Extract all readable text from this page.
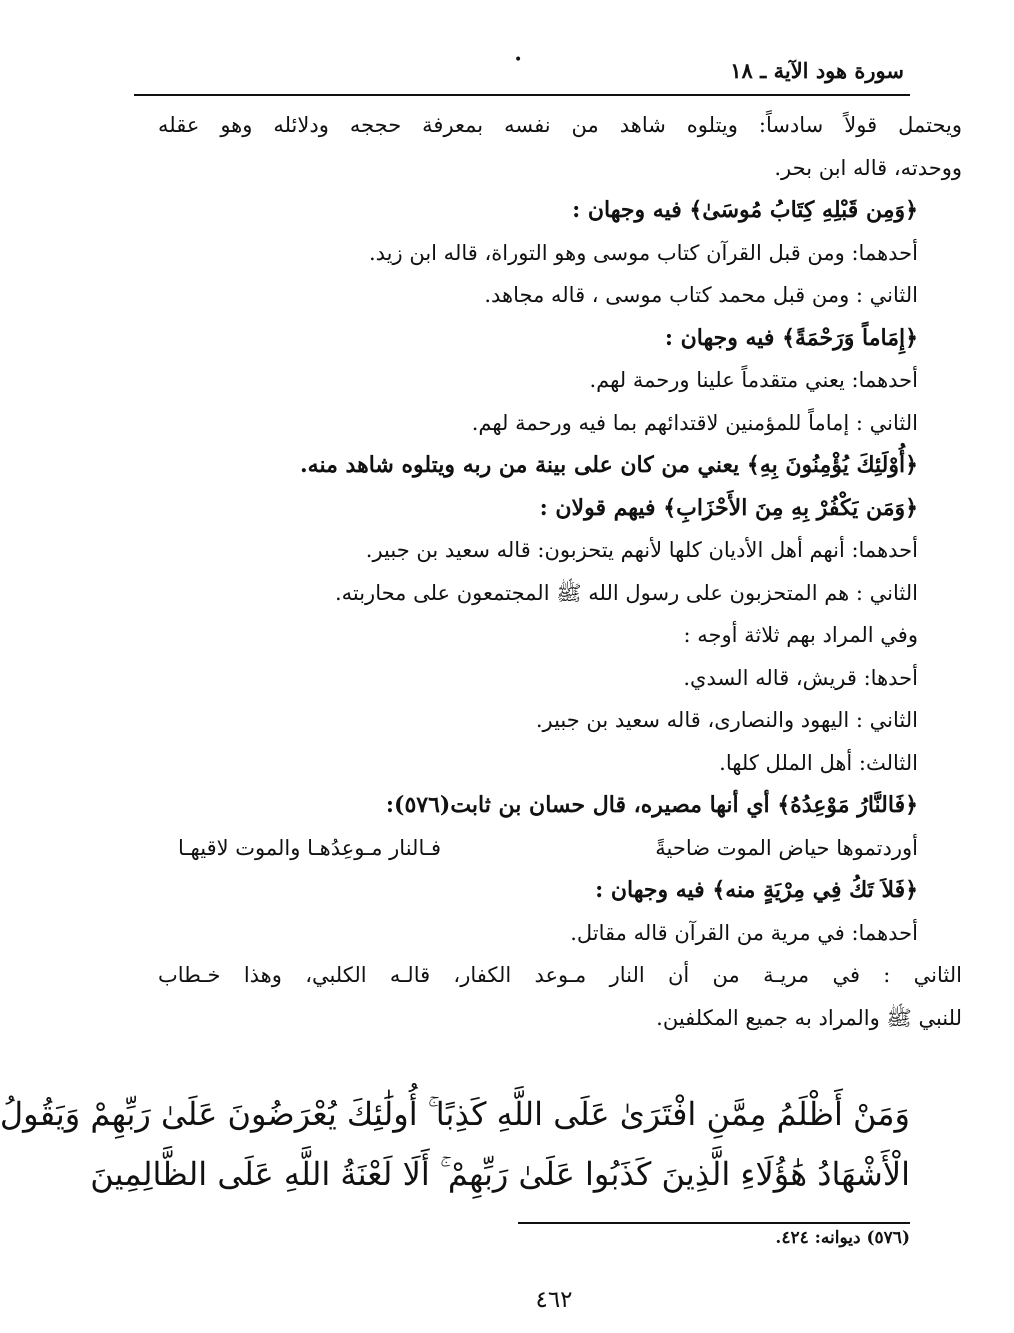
سورة هود الآية ـ ١٨
•
ويحتمل قولاً سادساً: ويتلوه شاهد من نفسه بمعرفة حججه ودلائله وهو عقله
ووحدته، قاله ابن بحر.
﴿وَمِن قَبْلِهِ كِتَابُ مُوسَىٰ﴾ فيه وجهان :
أحدهما: ومن قبل القرآن كتاب موسى وهو التوراة، قاله ابن زيد.
الثاني : ومن قبل محمد كتاب موسى ، قاله مجاهد.
﴿إِمَاماً وَرَحْمَةً﴾ فيه وجهان :
أحدهما: يعني متقدماً علينا ورحمة لهم.
الثاني : إماماً للمؤمنين لاقتدائهم بما فيه ورحمة لهم.
﴿أُوْلَئِكَ يُؤْمِنُونَ بِهِ﴾ يعني من كان على بينة من ربه ويتلوه شاهد منه.
﴿وَمَن يَكْفُرْ بِهِ مِنَ الأَحْزَابِ﴾ فيهم قولان :
أحدهما: أنهم أهل الأديان كلها لأنهم يتحزبون: قاله سعيد بن جبير.
الثاني : هم المتحزبون على رسول الله ﷺ المجتمعون على محاربته.
وفي المراد بهم ثلاثة أوجه :
أحدها: قريش، قاله السدي.
الثاني : اليهود والنصارى، قاله سعيد بن جبير.
الثالث: أهل الملل كلها.
﴿فَالنَّارُ مَوْعِدُهُ﴾ أي أنها مصيره، قال حسان بن ثابت(٥٧٦):
أوردتموها حياض الموت ضاحيةً
فـالنار مـوعِدُهـا والموت لاقيهـا
﴿فَلاَ تَكُ فِي مِرْيَةٍ منه﴾ فيه وجهان :
أحدهما: في مرية من القرآن قاله مقاتل.
الثاني : في مريـة من أن النار مـوعد الكفار، قالـه الكلبي، وهذا خـطاب
للنبي ﷺ والمراد به جميع المكلفين.
وَمَنْ أَظْلَمُ مِمَّنِ افْتَرَىٰ عَلَى اللَّهِ كَذِبًا ۚ أُولَٰئِكَ يُعْرَضُونَ عَلَىٰ رَبِّهِمْ وَيَقُولُ
الْأَشْهَادُ هَٰؤُلَاءِ الَّذِينَ كَذَبُوا عَلَىٰ رَبِّهِمْ ۚ أَلَا لَعْنَةُ اللَّهِ عَلَى الظَّالِمِينَ
(٥٧٦) ديوانه: ٤٢٤.
٤٦٢
